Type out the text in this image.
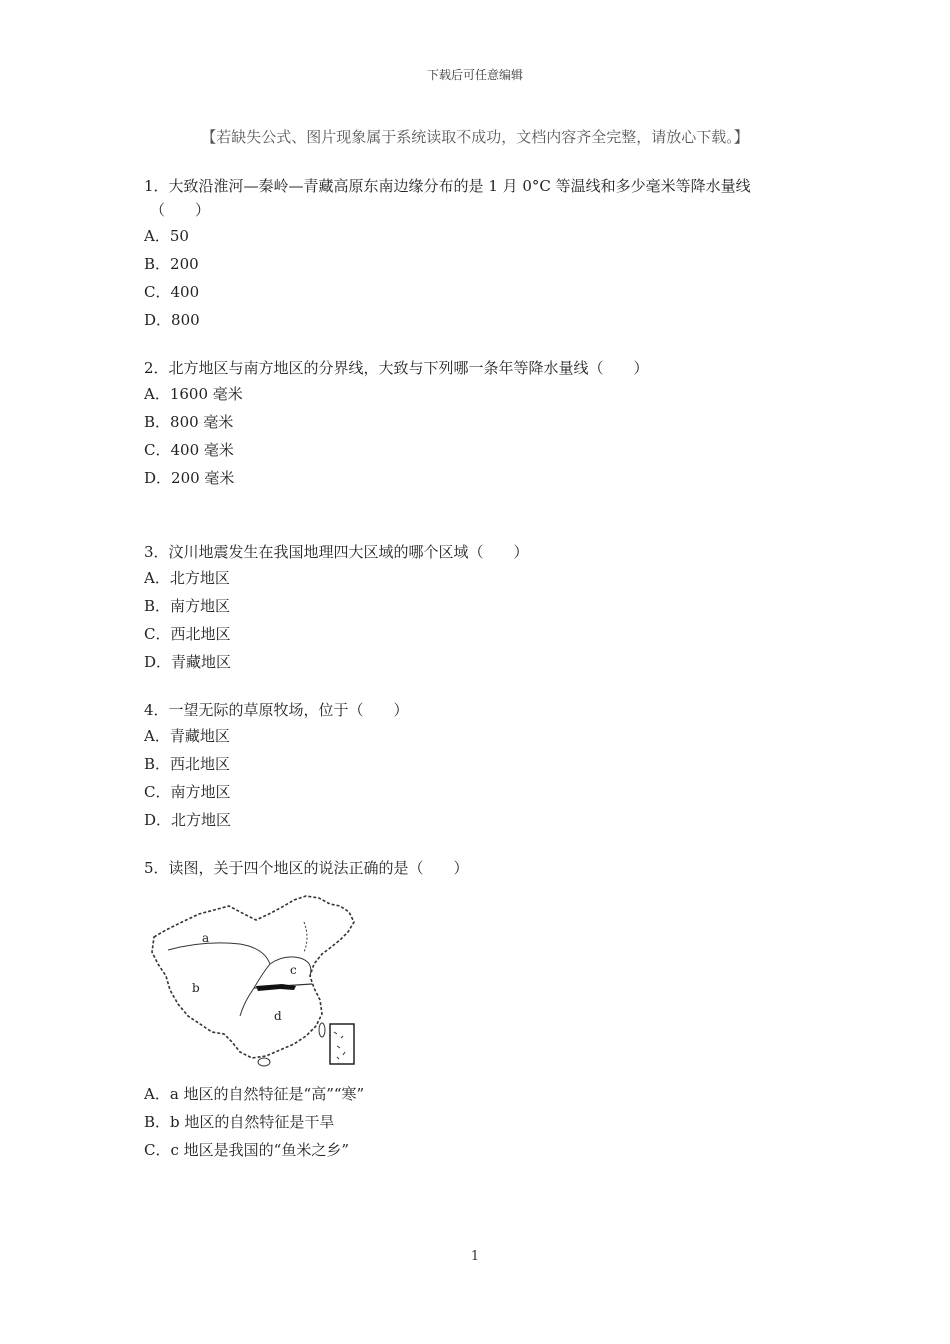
下载后可任意编辑
【若缺失公式、图片现象属于系统读取不成功，文档内容齐全完整，请放心下载。】

1．大致沿淮河—秦岭—青藏高原东南边缘分布的是 1 月 0°C 等温线和多少毫米等降水量线

（　　）

A．50

B．200

C．400

D．800

2．北方地区与南方地区的分界线，大致与下列哪一条年等降水量线（　　）

A．1600 毫米

B．800 毫米

C．400 毫米

D．200 毫米

3．汶川地震发生在我国地理四大区域的哪个区域（　　）

A．北方地区

B．南方地区

C．西北地区

D．青藏地区

4．一望无际的草原牧场，位于（　　）

A．青藏地区

B．西北地区

C．南方地区

D．北方地区

5．读图，关于四个地区的说法正确的是（　　）

a
b
c
d

A．a 地区的自然特征是“高”“寒”

B．b 地区的自然特征是干旱

C．c 地区是我国的“鱼米之乡”

1
